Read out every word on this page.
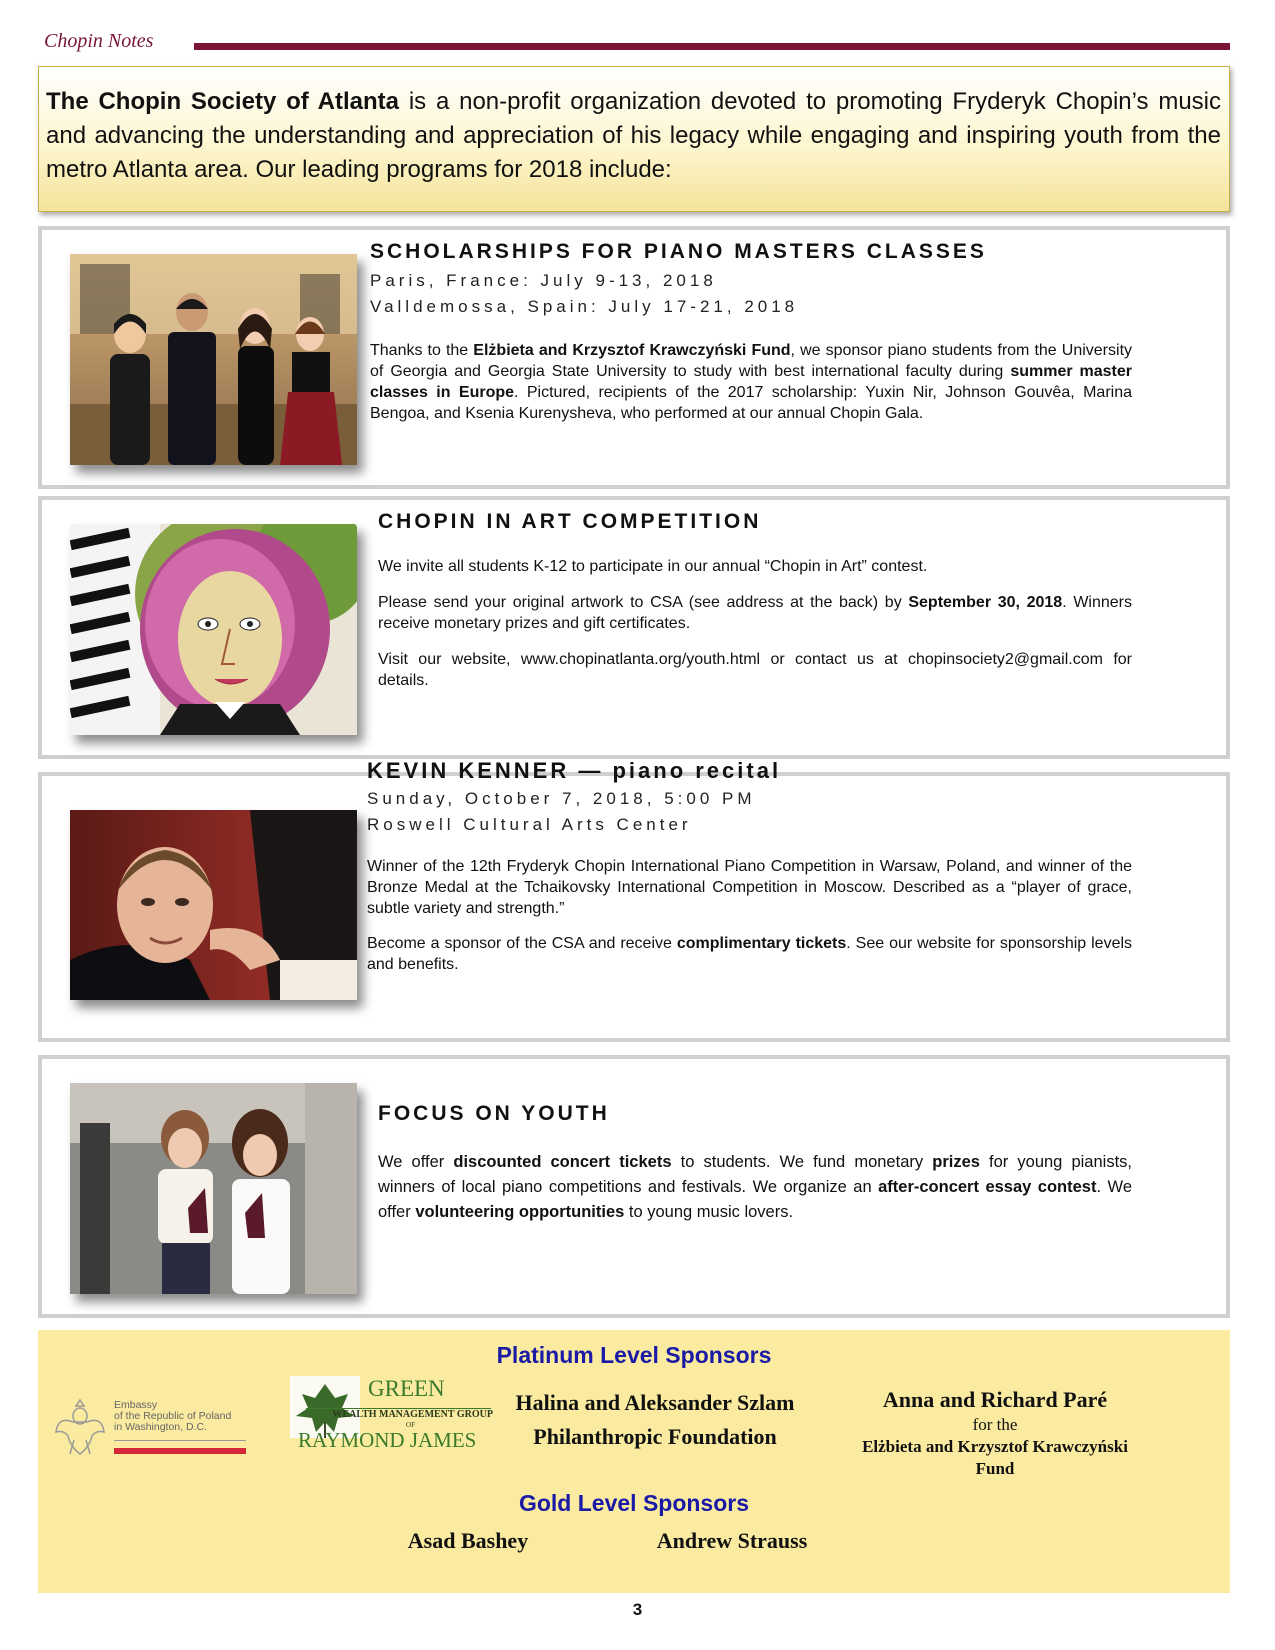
Chopin Notes
The Chopin Society of Atlanta is a non-profit organization devoted to promoting Fryderyk Chopin’s music and advancing the understanding and appreciation of his legacy while engaging and inspiring youth from the metro Atlanta area. Our leading programs for 2018 include:
SCHOLARSHIPS FOR PIANO MASTERS CLASSES
Paris, France: July 9-13, 2018
Valldemossa, Spain: July 17-21, 2018

Thanks to the Elżbieta and Krzysztof Krawczyński Fund, we sponsor piano students from the University of Georgia and Georgia State University to study with best international faculty during summer master classes in Europe. Pictured, recipients of the 2017 scholarship: Yuxin Nir, Johnson Gouvêa, Marina Bengoa, and Ksenia Kurenysheva, who performed at our annual Chopin Gala.

CHOPIN IN ART COMPETITION

We invite all students K-12 to participate in our annual “Chopin in Art” contest.

Please send your original artwork to CSA (see address at the back) by September 30, 2018. Winners receive monetary prizes and gift certificates.

Visit our website, www.chopinatlanta.org/youth.html or contact us at chopinsociety2@gmail.com for details.

KEVIN KENNER — piano recital
Sunday, October 7, 2018, 5:00 PM
Roswell Cultural Arts Center

Winner of the 12th Fryderyk Chopin International Piano Competition in Warsaw, Poland, and winner of the Bronze Medal at the Tchaikovsky International Competition in Moscow. Described as a “player of grace, subtle variety and strength.”

Become a sponsor of the CSA and receive complimentary tickets. See our website for sponsorship levels and benefits.

FOCUS ON YOUTH

We offer discounted concert tickets to students. We fund monetary prizes for young pianists, winners of local piano competitions and festivals. We organize an after-concert essay contest. We offer volunteering opportunities to young music lovers.

Platinum Level Sponsors
Embassy
of the Republic of Poland
in Washington, D.C.
GREEN
WEALTH MANAGEMENT GROUP
OF
RAYMOND JAMES
Halina and Aleksander Szlam
Philanthropic Foundation
Anna and Richard Paré
for the
Elżbieta and Krzysztof Krawczyński
Fund
Gold Level Sponsors
Asad Bashey	Andrew Strauss
3
